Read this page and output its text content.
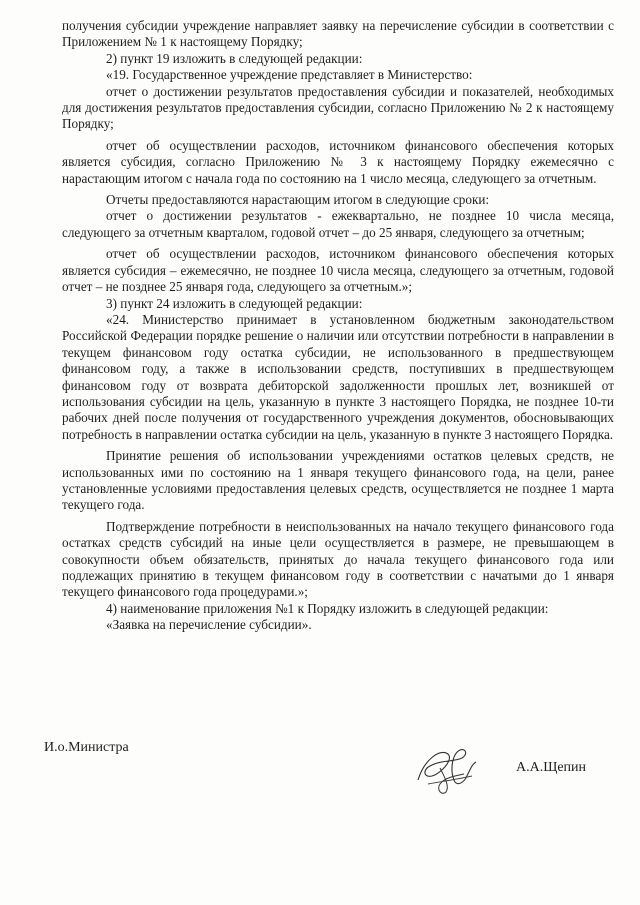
получения субсидии учреждение направляет заявку на перечисление субсидии в соответствии с Приложением № 1 к настоящему Порядку;

2) пункт 19 изложить в следующей редакции:

«19. Государственное учреждение представляет в Министерство:

отчет о достижении результатов предоставления субсидии и показателей, необходимых для достижения результатов предоставления субсидии, согласно Приложению № 2 к настоящему Порядку;

отчет об осуществлении расходов, источником финансового обеспечения которых является субсидия, согласно Приложению № 3 к настоящему Порядку ежемесячно с нарастающим итогом с начала года по состоянию на 1 число месяца, следующего за отчетным.

Отчеты предоставляются нарастающим итогом в следующие сроки:

отчет о достижении результатов - ежеквартально, не позднее 10 числа месяца, следующего за отчетным кварталом, годовой отчет – до 25 января, следующего за отчетным;

отчет об осуществлении расходов, источником финансового обеспечения которых является субсидия – ежемесячно, не позднее 10 числа месяца, следующего за отчетным, годовой отчет – не позднее 25 января года, следующего за отчетным.»;

3) пункт 24 изложить в следующей редакции:

«24. Министерство принимает в установленном бюджетным законодательством Российской Федерации порядке решение о наличии или отсутствии потребности в направлении в текущем финансовом году остатка субсидии, не использованного в предшествующем финансовом году, а также в использовании средств, поступивших в предшествующем финансовом году от возврата дебиторской задолженности прошлых лет, возникшей от использования субсидии на цель, указанную в пункте 3 настоящего Порядка, не позднее 10-ти рабочих дней после получения от государственного учреждения документов, обосновывающих потребность в направлении остатка субсидии на цель, указанную в пункте 3 настоящего Порядка.

Принятие решения об использовании учреждениями остатков целевых средств, не использованных ими по состоянию на 1 января текущего финансового года, на цели, ранее установленные условиями предоставления целевых средств, осуществляется не позднее 1 марта текущего года.

Подтверждение потребности в неиспользованных на начало текущего финансового года остатках средств субсидий на иные цели осуществляется в размере, не превышающем в совокупности объем обязательств, принятых до начала текущего финансового года или подлежащих принятию в текущем финансовом году в соответствии с начатыми до 1 января текущего финансового года процедурами.»;

4) наименование приложения №1 к Порядку изложить в следующей редакции:

«Заявка на перечисление субсидии».

И.о.Министра
А.А.Щепин
